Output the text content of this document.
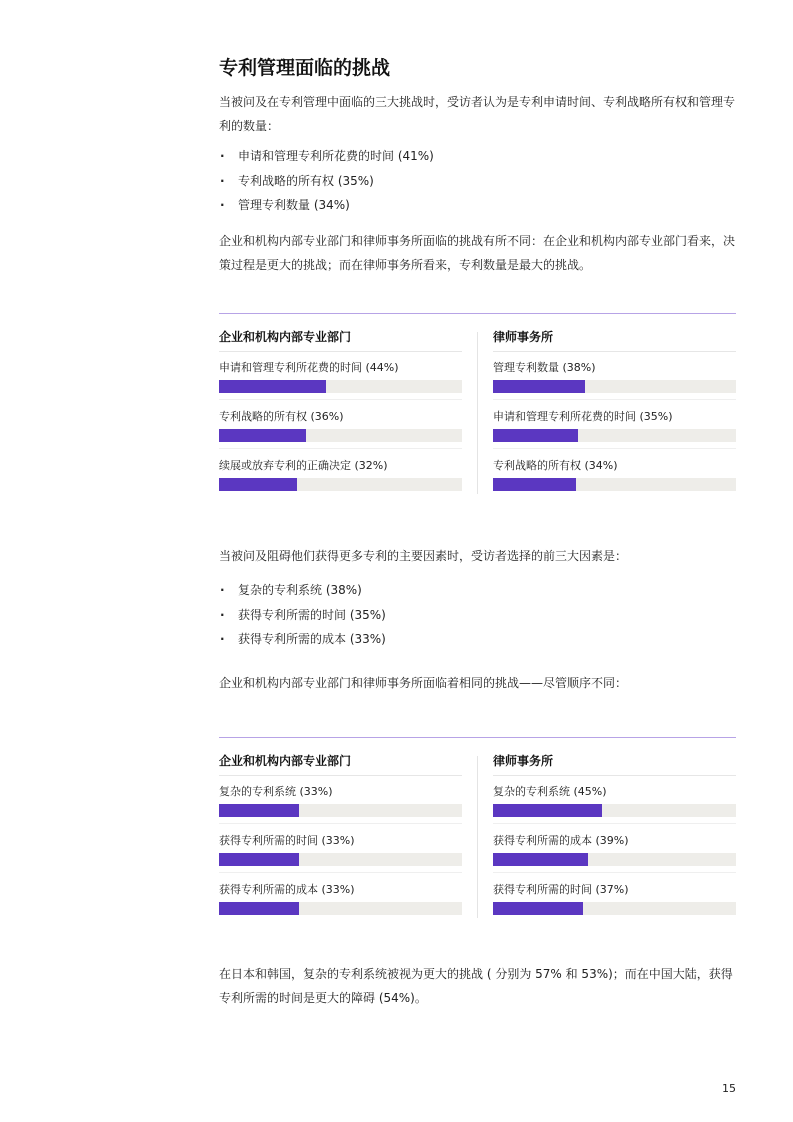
专利管理面临的挑战

当被问及在专利管理中面临的三大挑战时，受访者认为是专利申请时间、专利战略所有权和管理专利的数量：

· 申请和管理专利所花费的时间 (41%)
· 专利战略的所有权 (35%)
· 管理专利数量 (34%)

企业和机构内部专业部门和律师事务所面临的挑战有所不同：在企业和机构内部专业部门看来，决策过程是更大的挑战；而在律师事务所看来，专利数量是最大的挑战。

企业和机构内部专业部门
申请和管理专利所花费的时间 (44%)
专利战略的所有权 (36%)
续展或放弃专利的正确决定 (32%)
律师事务所
管理专利数量 (38%)
申请和管理专利所花费的时间 (35%)
专利战略的所有权 (34%)

当被问及阻碍他们获得更多专利的主要因素时，受访者选择的前三大因素是：

· 复杂的专利系统 (38%)
· 获得专利所需的时间 (35%)
· 获得专利所需的成本 (33%)

企业和机构内部专业部门和律师事务所面临着相同的挑战——尽管顺序不同：

企业和机构内部专业部门
复杂的专利系统 (33%)
获得专利所需的时间 (33%)
获得专利所需的成本 (33%)
律师事务所
复杂的专利系统 (45%)
获得专利所需的成本 (39%)
获得专利所需的时间 (37%)

在日本和韩国，复杂的专利系统被视为更大的挑战 ( 分别为 57% 和 53%)；而在中国大陆，获得专利所需的时间是更大的障碍 (54%)。

15
